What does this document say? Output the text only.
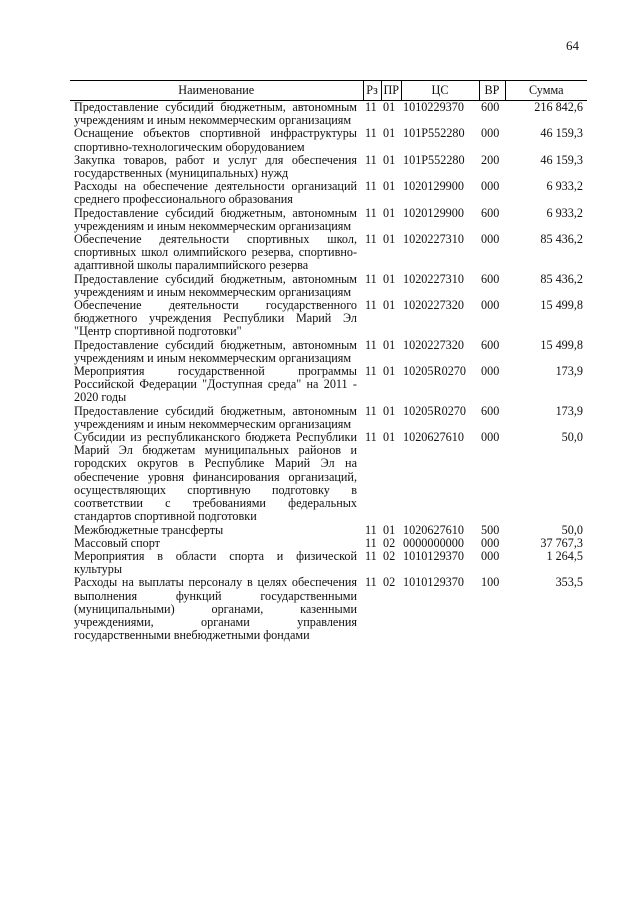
64
Наименование	Рз	ПР	ЦС	ВР	Сумма
Предоставление субсидий бюджетным, автономным учреждениям и иным некоммерческим организациям	11	01	1010229370	600	216 842,6
Оснащение объектов спортивной инфраструктуры спортивно-технологическим оборудованием	11	01	101P552280	000	46 159,3
Закупка товаров, работ и услуг для обеспечения государственных (муниципальных) нужд	11	01	101P552280	200	46 159,3
Расходы на обеспечение деятельности организаций среднего профессионального образования	11	01	1020129900	000	6 933,2
Предоставление субсидий бюджетным, автономным учреждениям и иным некоммерческим организациям	11	01	1020129900	600	6 933,2
Обеспечение деятельности спортивных школ, спортивных школ олимпийского резерва, спортивно-адаптивной школы паралимпийского резерва	11	01	1020227310	000	85 436,2
Предоставление субсидий бюджетным, автономным учреждениям и иным некоммерческим организациям	11	01	1020227310	600	85 436,2
Обеспечение деятельности государственного бюджетного учреждения Республики Марий Эл "Центр спортивной подготовки"	11	01	1020227320	000	15 499,8
Предоставление субсидий бюджетным, автономным учреждениям и иным некоммерческим организациям	11	01	1020227320	600	15 499,8
Мероприятия государственной программы Российской Федерации "Доступная среда" на 2011 - 2020 годы	11	01	10205R0270	000	173,9
Предоставление субсидий бюджетным, автономным учреждениям и иным некоммерческим организациям	11	01	10205R0270	600	173,9
Субсидии из республиканского бюджета Республики Марий Эл бюджетам муниципальных районов и городских округов в Республике Марий Эл на обеспечение уровня финансирования организаций, осуществляющих спортивную подготовку в соответствии с требованиями федеральных стандартов спортивной подготовки	11	01	1020627610	000	50,0
Межбюджетные трансферты	11	01	1020627610	500	50,0
Массовый спорт	11	02	0000000000	000	37 767,3
Мероприятия в области спорта и физической культуры	11	02	1010129370	000	1 264,5
Расходы на выплаты персоналу в целях обеспечения выполнения функций государственными (муниципальными) органами, казенными учреждениями, органами управления государственными внебюджетными фондами	11	02	1010129370	100	353,5
